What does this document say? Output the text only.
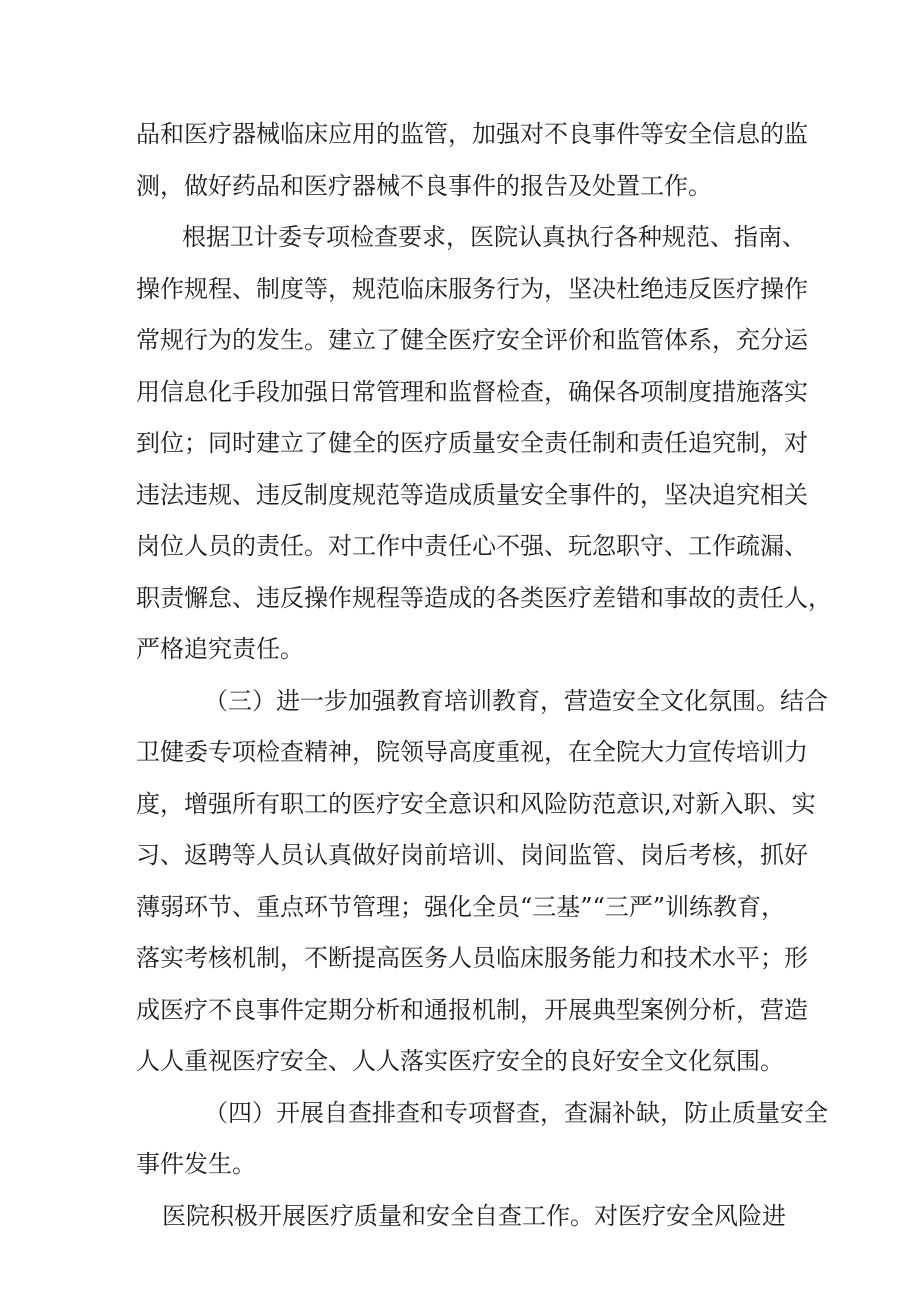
品和医疗器械临床应用的监管，加强对不良事件等安全信息的监
测，做好药品和医疗器械不良事件的报告及处置工作。
根据卫计委专项检查要求，医院认真执行各种规范、指南、
操作规程、制度等，规范临床服务行为，坚决杜绝违反医疗操作
常规行为的发生。建立了健全医疗安全评价和监管体系，充分运
用信息化手段加强日常管理和监督检查，确保各项制度措施落实
到位；同时建立了健全的医疗质量安全责任制和责任追究制，对
违法违规、违反制度规范等造成质量安全事件的，坚决追究相关
岗位人员的责任。对工作中责任心不强、玩忽职守、工作疏漏、
职责懈怠、违反操作规程等造成的各类医疗差错和事故的责任人，
严格追究责任。
（三）进一步加强教育培训教育，营造安全文化氛围。结合
卫健委专项检查精神，院领导高度重视，在全院大力宣传培训力
度，增强所有职工的医疗安全意识和风险防范意识,对新入职、实
习、返聘等人员认真做好岗前培训、岗间监管、岗后考核，抓好
薄弱环节、重点环节管理；强化全员“三基”“三严”训练教育，
落实考核机制，不断提高医务人员临床服务能力和技术水平；形
成医疗不良事件定期分析和通报机制，开展典型案例分析，营造
人人重视医疗安全、人人落实医疗安全的良好安全文化氛围。
（四）开展自查排查和专项督查，查漏补缺，防止质量安全
事件发生。
医院积极开展医疗质量和安全自查工作。对医疗安全风险进
